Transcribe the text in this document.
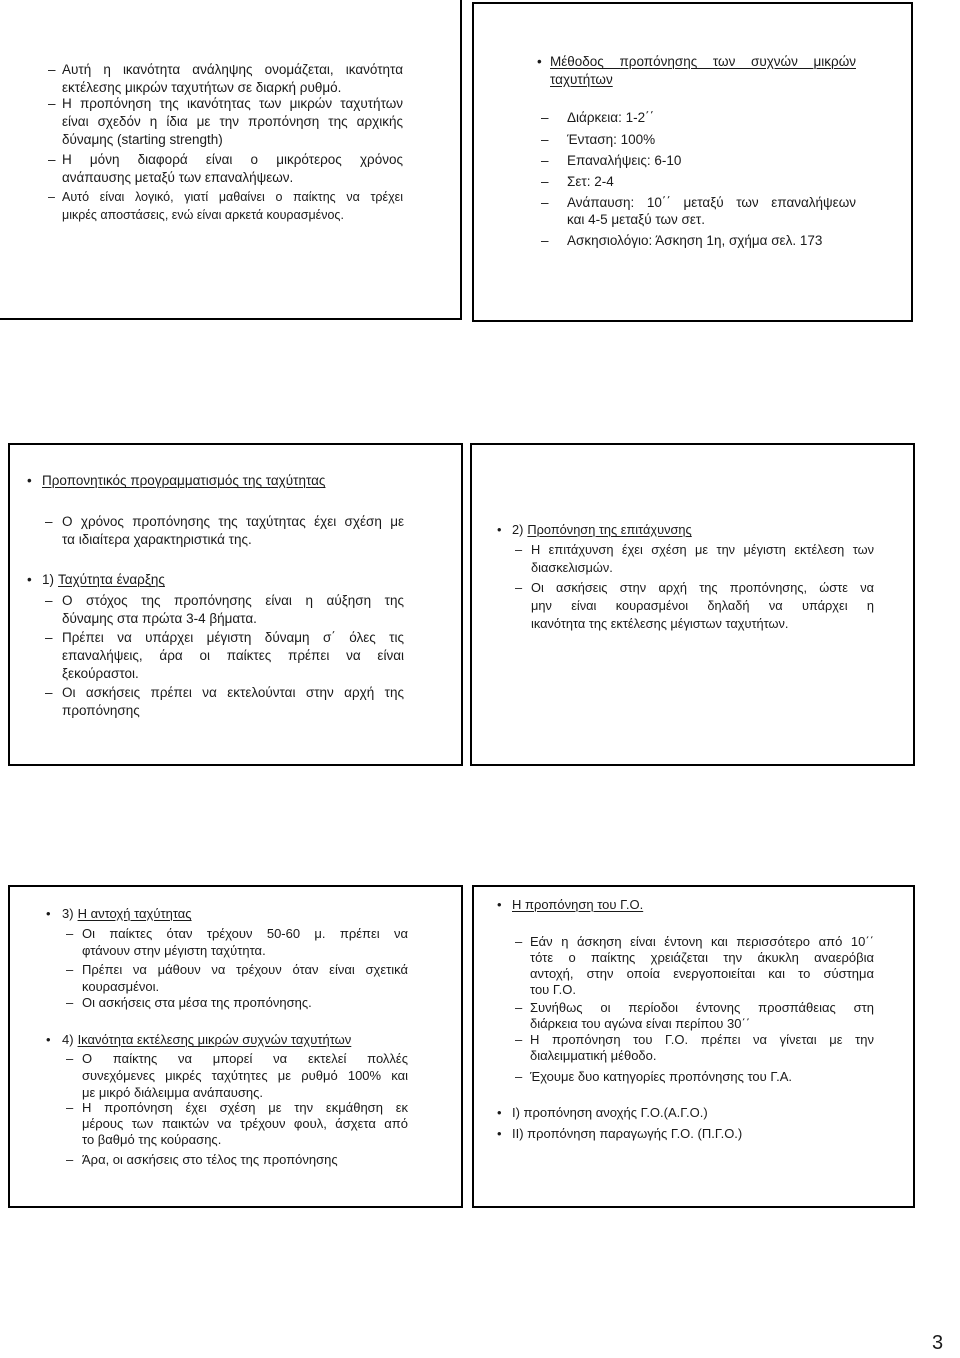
– Αυτή η ικανότητα ανάληψης ονομάζεται, ικανότητα
εκτέλεσης μικρών ταχυτήτων σε διαρκή ρυθμό.
– Η προπόνηση της ικανότητας των μικρών ταχυτήτων
είναι σχεδόν η ίδια με την προπόνηση της αρχικής
δύναμης (starting strength)
– Η μόνη διαφορά είναι ο μικρότερος χρόνος
ανάπαυσης μεταξύ των επαναλήψεων.
– Αυτό είναι λογικό, γιατί μαθαίνει ο παίκτης να τρέχει
μικρές αποστάσεις, ενώ είναι αρκετά κουρασμένος.
• Μέθοδος προπόνησης των συχνών μικρών
ταχυτήτων
– Διάρκεια: 1-2΄΄
– Ένταση: 100%
– Επαναλήψεις: 6-10
– Σετ: 2-4
– Ανάπαυση: 10΄΄ μεταξύ των επαναλήψεων
και 4-5 μεταξύ των σετ.
– Ασκησιολόγιο: Άσκηση 1η, σχήμα σελ. 173
• Προπονητικός προγραμματισμός της ταχύτητας
– Ο χρόνος προπόνησης της ταχύτητας έχει σχέση με
τα ιδιαίτερα χαρακτηριστικά της.
• 1) Ταχύτητα έναρξης
– Ο στόχος της προπόνησης είναι η αύξηση της
δύναμης στα πρώτα 3-4 βήματα.
– Πρέπει να υπάρχει μέγιστη δύναμη σ΄ όλες τις
επαναλήψεις, άρα οι παίκτες πρέπει να είναι
ξεκούραστοι.
– Οι ασκήσεις πρέπει να εκτελούνται στην αρχή της
προπόνησης
• 2) Προπόνηση της επιτάχυνσης
– Η επιτάχυνση έχει σχέση με την μέγιστη εκτέλεση των
διασκελισμών.
– Οι ασκήσεις στην αρχή της προπόνησης, ώστε να
μην είναι κουρασμένοι δηλαδή να υπάρχει η
ικανότητα της εκτέλεσης μέγιστων ταχυτήτων.
• 3) Η αντοχή ταχύτητας
– Οι παίκτες όταν τρέχουν 50-60 μ. πρέπει να
φτάνουν στην μέγιστη ταχύτητα.
– Πρέπει να μάθουν να τρέχουν όταν είναι σχετικά
κουρασμένοι.
– Οι ασκήσεις στα μέσα της προπόνησης.
• 4) Ικανότητα εκτέλεσης μικρών συχνών ταχυτήτων
– Ο παίκτης να μπορεί να εκτελεί πολλές
συνεχόμενες μικρές ταχύτητες με ρυθμό 100% και
με μικρό διάλειμμα ανάπαυσης.
– Η προπόνηση έχει σχέση με την εκμάθηση εκ
μέρους των παικτών να τρέχουν φουλ, άσχετα από
το βαθμό της κούρασης.
– Άρα, οι ασκήσεις στο τέλος της προπόνησης
• Η προπόνηση του Γ.Ο.
– Εάν η άσκηση είναι έντονη και περισσότερο από 10΄΄
τότε ο παίκτης χρειάζεται την άκυκλη αναερόβια
αντοχή, στην οποία ενεργοποιείται και το σύστημα
του Γ.Ο.
– Συνήθως οι περίοδοι έντονης προσπάθειας στη
διάρκεια του αγώνα είναι περίπου 30΄΄
– Η προπόνηση του Γ.Ο. πρέπει να γίνεται με την
διαλειμματική μέθοδο.
– Έχουμε δυο κατηγορίες προπόνησης του Γ.Α.
• I) προπόνηση ανοχής Γ.Ο.(Α.Γ.Ο.)
• II) προπόνηση παραγωγής Γ.Ο. (Π.Γ.Ο.)
3
